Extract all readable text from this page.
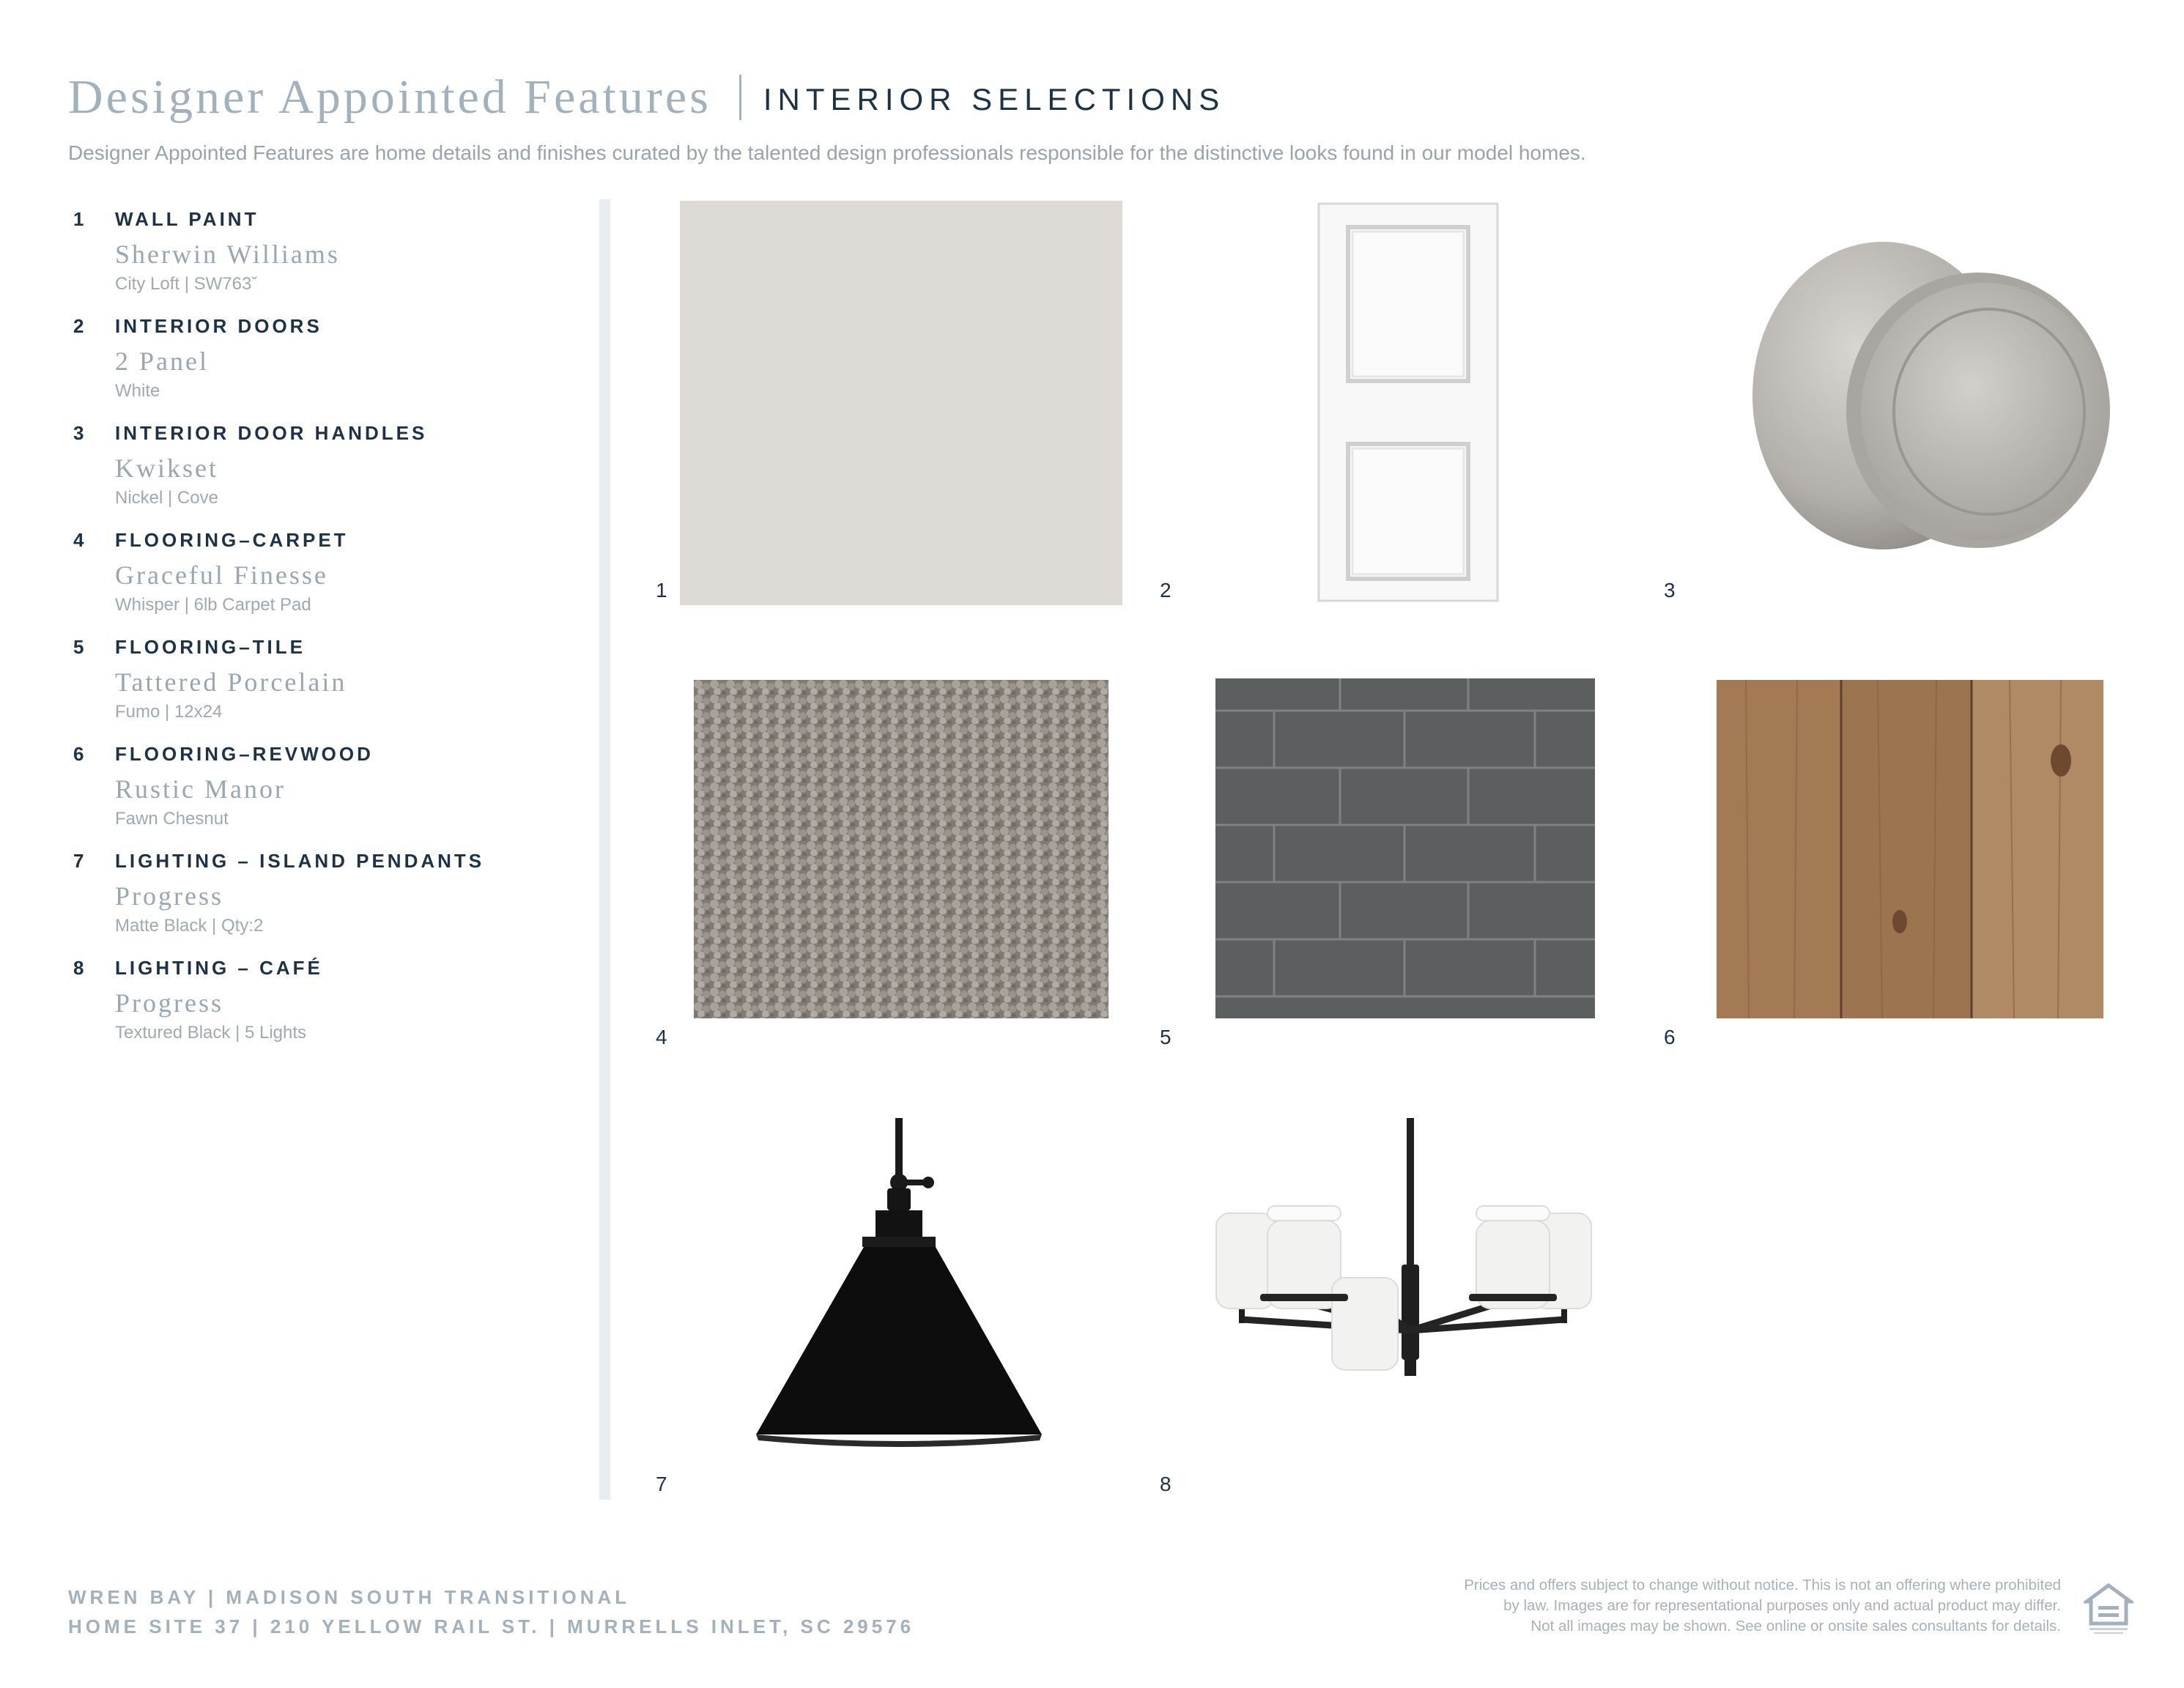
Designer Appointed Features INTERIOR SELECTIONS
Designer Appointed Features are home details and finishes curated by the talented design professionals responsible for the distinctive looks found in our model homes.
1 WALL PAINT
Sherwin Williams
City Loft | SW763ˇ
2 INTERIOR DOORS
2 Panel
White
3 INTERIOR DOOR HANDLES
Kwikset
Nickel | Cove
4 FLOORING–CARPET
Graceful Finesse
Whisper | 6lb Carpet Pad
5 FLOORING–TILE
Tattered Porcelain
Fumo | 12x24
6 FLOORING–REVWOOD
Rustic Manor
Fawn Chesnut
7 LIGHTING – ISLAND PENDANTS
Progress
Matte Black | Qty:2
8 LIGHTING – CAFÉ
Progress
Textured Black | 5 Lights
1	2	3
4	5	6
7	8
WREN BAY | MADISON SOUTH TRANSITIONAL
HOME SITE 37 | 210 YELLOW RAIL ST. | MURRELLS INLET, SC 29576
Prices and offers subject to change without notice. This is not an offering where prohibited
by law. Images are for representational purposes only and actual product may differ.
Not all images may be shown. See online or onsite sales consultants for details.
